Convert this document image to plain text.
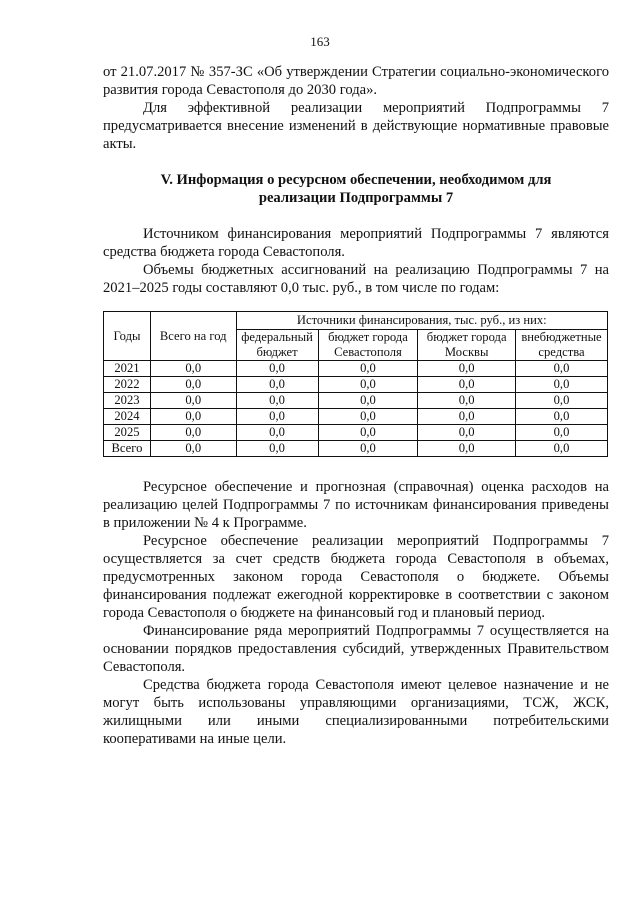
163

от 21.07.2017 № 357-ЗС «Об утверждении Стратегии социально-экономического развития города Севастополя до 2030 года».

Для эффективной реализации мероприятий Подпрограммы 7 предусматривается внесение изменений в действующие нормативные правовые акты.

V. Информация о ресурсном обеспечении, необходимом для реализации Подпрограммы 7

Источником финансирования мероприятий Подпрограммы 7 являются средства бюджета города Севастополя.

Объемы бюджетных ассигнований на реализацию Подпрограммы 7 на 2021–2025 годы составляют 0,0 тыс. руб., в том числе по годам:

Годы	Всего на год	Источники финансирования, тыс. руб., из них:			
		федеральный бюджет	бюджет города Севастополя	бюджет города Москвы	внебюджетные средства
2021	0,0	0,0	0,0	0,0	0,0
2022	0,0	0,0	0,0	0,0	0,0
2023	0,0	0,0	0,0	0,0	0,0
2024	0,0	0,0	0,0	0,0	0,0
2025	0,0	0,0	0,0	0,0	0,0
Всего	0,0	0,0	0,0	0,0	0,0

Ресурсное обеспечение и прогнозная (справочная) оценка расходов на реализацию целей Подпрограммы 7 по источникам финансирования приведены в приложении № 4 к Программе.

Ресурсное обеспечение реализации мероприятий Подпрограммы 7 осуществляется за счет средств бюджета города Севастополя в объемах, предусмотренных законом города Севастополя о бюджете. Объемы финансирования подлежат ежегодной корректировке в соответствии с законом города Севастополя о бюджете на финансовый год и плановый период.

Финансирование ряда мероприятий Подпрограммы 7 осуществляется на основании порядков предоставления субсидий, утвержденных Правительством Севастополя.

Средства бюджета города Севастополя имеют целевое назначение и не могут быть использованы управляющими организациями, ТСЖ, ЖСК, жилищными или иными специализированными потребительскими кооперативами на иные цели.
